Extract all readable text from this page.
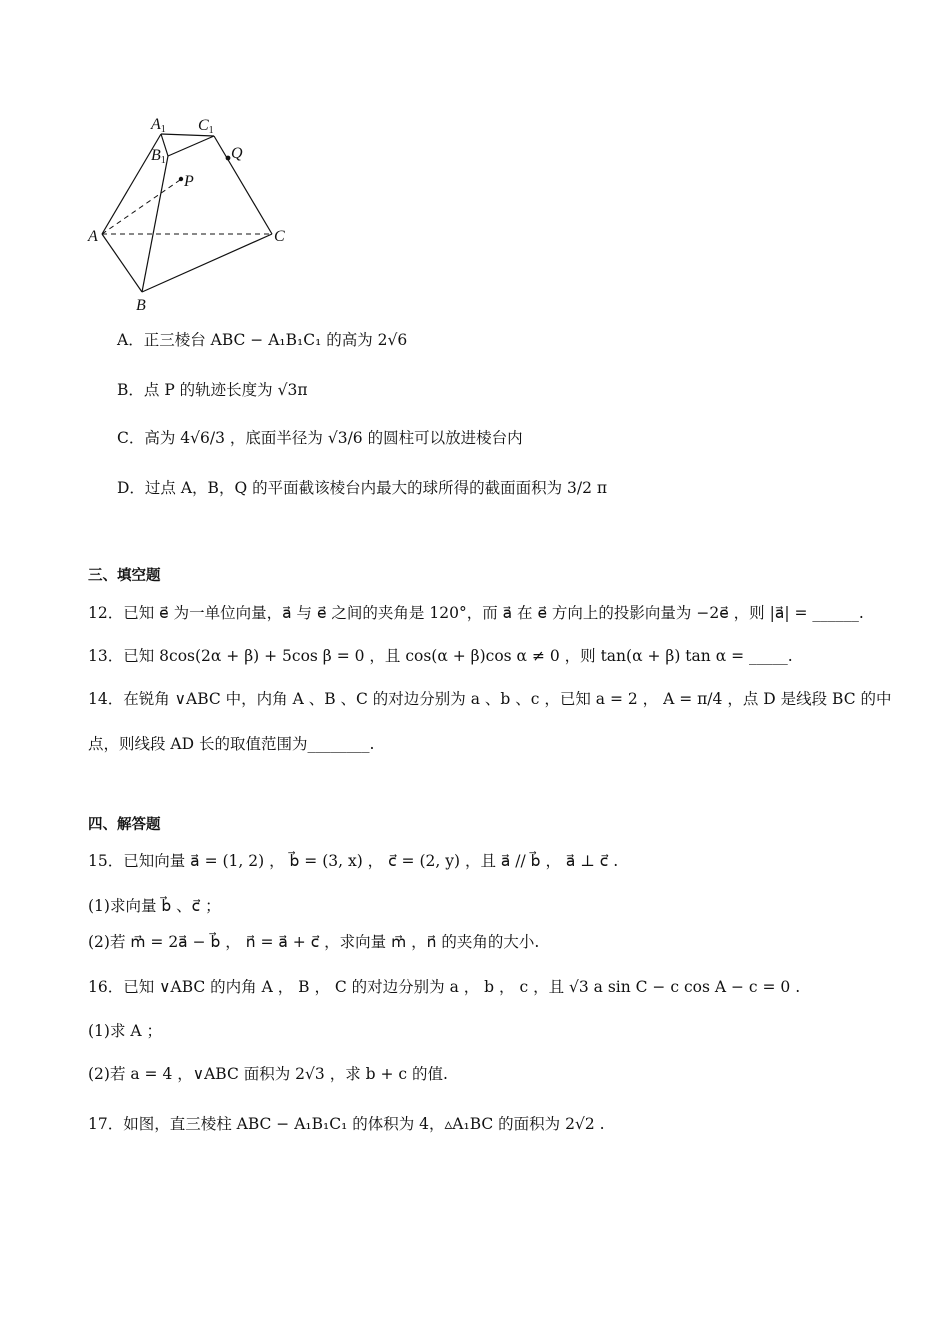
A1 C1
B1	Q
P
A
B
C
A．正三棱台 ABC − A₁B₁C₁ 的高为 2√6
B．点 P 的轨迹长度为 √3π
C．高为 4√6/3 ，底面半径为 √3/6 的圆柱可以放进棱台内
D．过点 A，B，Q 的平面截该棱台内最大的球所得的截面面积为 3/2 π
三、填空题
12．已知 e⃗ 为一单位向量，a⃗ 与 e⃗ 之间的夹角是 120°，而 a⃗ 在 e⃗ 方向上的投影向量为 −2e⃗ ，则 |a⃗| = ______.
13．已知 8cos(2α + β) + 5cos β = 0 ，且 cos(α + β)cos α ≠ 0 ，则 tan(α + β) tan α = _____.
14．在锐角 ∨ABC 中，内角 A 、B 、C 的对边分别为 a 、b 、c ，已知 a = 2 ， A = π/4 ，点 D 是线段 BC 的中
点，则线段 AD 长的取值范围为________.
四、解答题
15．已知向量 a⃗ = (1, 2) ， b⃗ = (3, x) ， c⃗ = (2, y) ，且 a⃗ // b⃗ ， a⃗ ⊥ c⃗ .
(1)求向量 b⃗ 、c⃗ ；
(2)若 m⃗ = 2a⃗ − b⃗ ， n⃗ = a⃗ + c⃗ ，求向量 m⃗ ，n⃗ 的夹角的大小.
16．已知 ∨ABC 的内角 A ， B ， C 的对边分别为 a ， b ， c ，且 √3 a sin C − c cos A − c = 0 .
(1)求 A ；
(2)若 a = 4 ，∨ABC 面积为 2√3 ，求 b + c 的值.
17．如图，直三棱柱 ABC − A₁B₁C₁ 的体积为 4，▵A₁BC 的面积为 2√2 .
